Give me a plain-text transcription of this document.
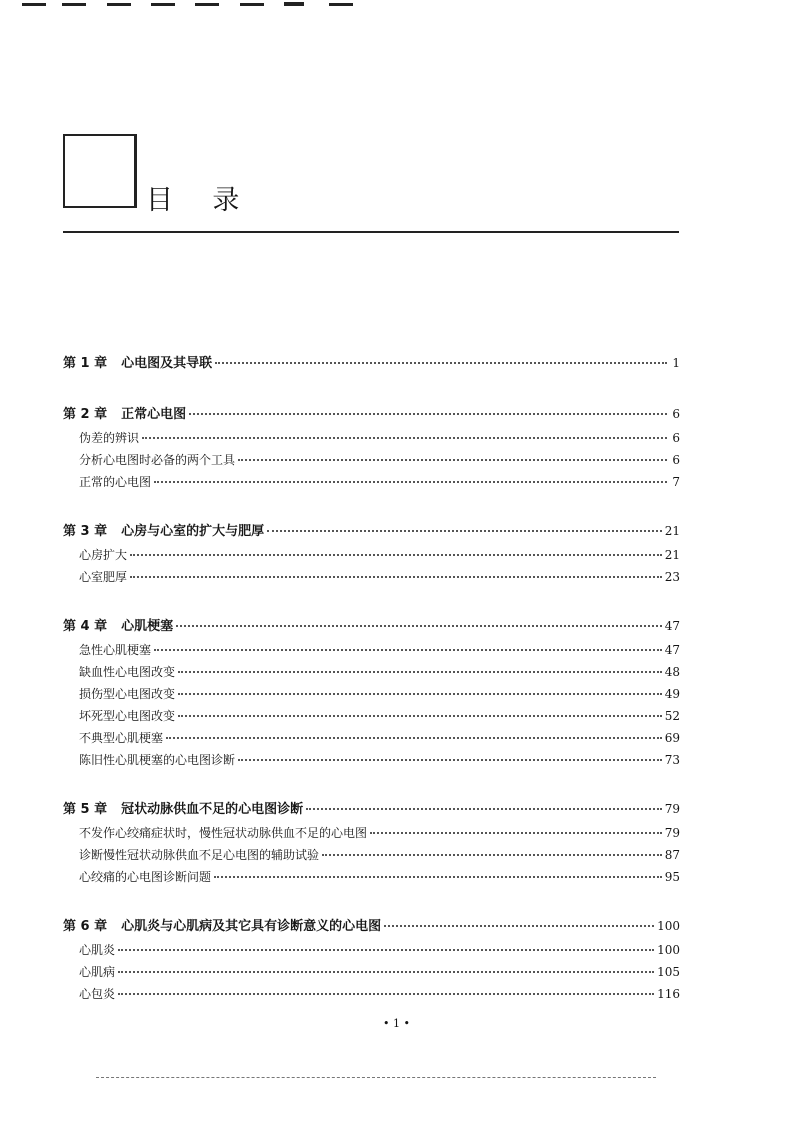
目    录
第 1 章 心电图及其导联	1
第 2 章 正常心电图	6
伪差的辨识	6
分析心电图时必备的两个工具	6
正常的心电图	7
第 3 章 心房与心室的扩大与肥厚	21
心房扩大	21
心室肥厚	23
第 4 章 心肌梗塞	47
急性心肌梗塞	47
缺血性心电图改变	48
损伤型心电图改变	49
坏死型心电图改变	52
不典型心肌梗塞	69
陈旧性心肌梗塞的心电图诊断	73
第 5 章 冠状动脉供血不足的心电图诊断	79
不发作心绞痛症状时，慢性冠状动脉供血不足的心电图	79
诊断慢性冠状动脉供血不足心电图的辅助试验	87
心绞痛的心电图诊断问题	95
第 6 章 心肌炎与心肌病及其它具有诊断意义的心电图	100
心肌炎	100
心肌病	105
心包炎	116
• 1 •
